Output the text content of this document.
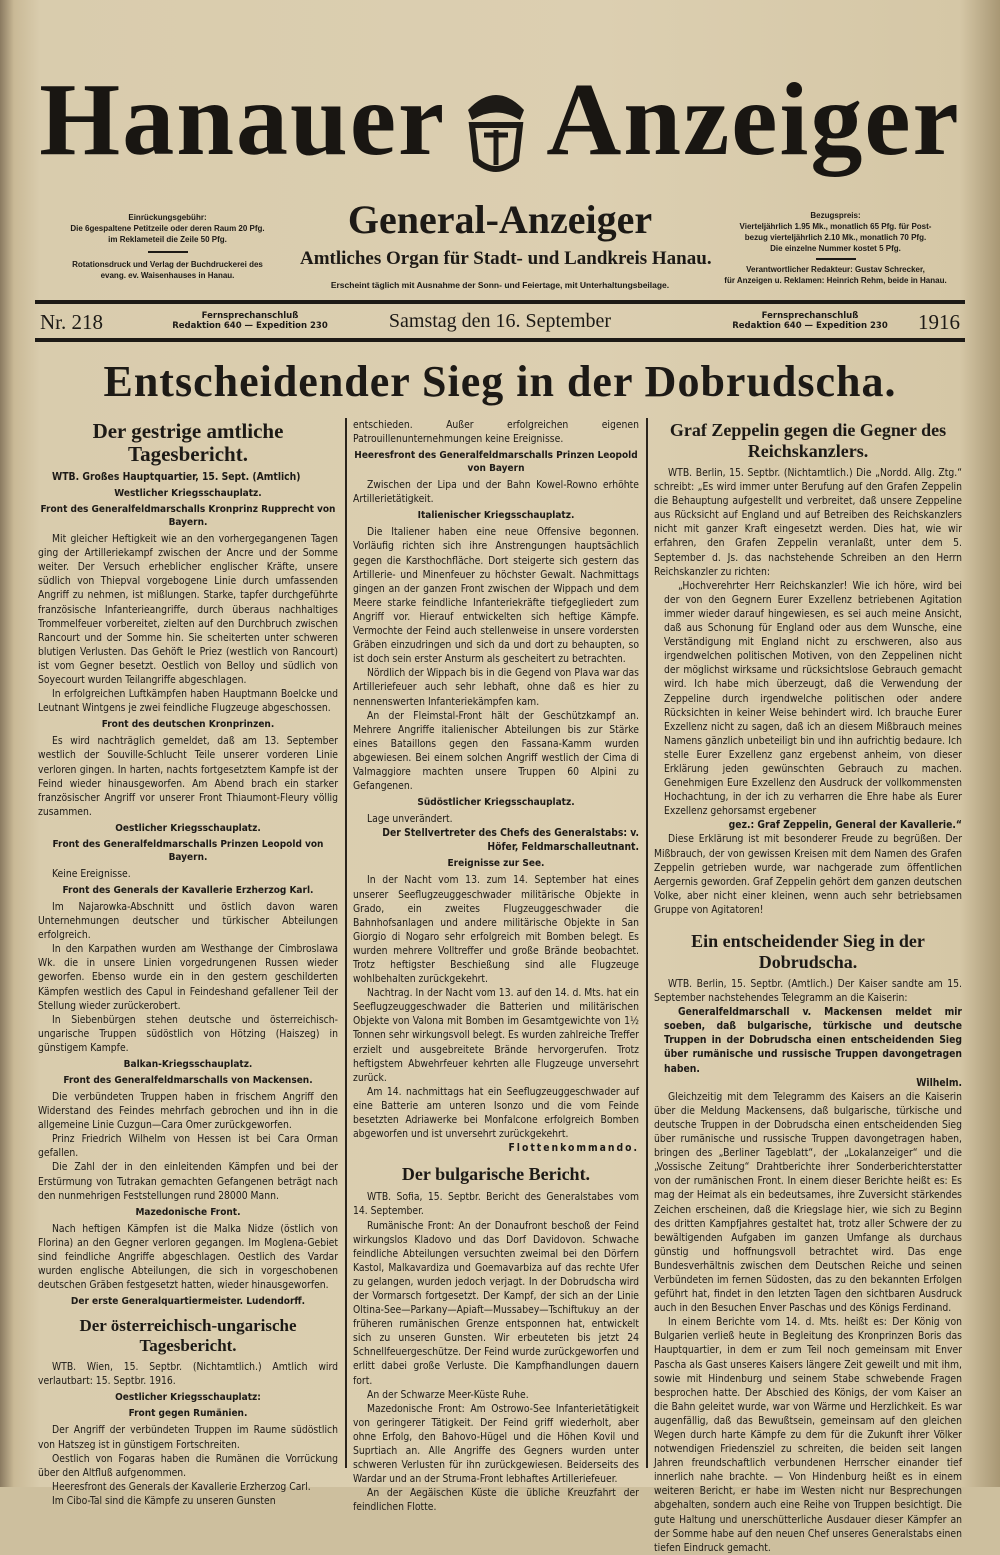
Hanauer Anzeiger
General-Anzeiger
Amtliches Organ für Stadt- und Landkreis Hanau.
Erscheint täglich mit Ausnahme der Sonn- und Feiertage, mit Unterhaltungsbeilage.
Einrückungsgebühr:
Die 6gespaltene Petitzeile oder deren Raum 20 Pfg.
im Reklameteil die Zeile 50 Pfg.
Rotationsdruck und Verlag der Buchdruckerei des
evang. ev. Waisenhauses in Hanau.
Bezugspreis:
Vierteljährlich 1.95 Mk., monatlich 65 Pfg. für Post-
bezug vierteljährlich 2.10 Mk., monatlich 70 Pfg.
Die einzelne Nummer kostet 5 Pfg.
Verantwortlicher Redakteur: Gustav Schrecker,
für Anzeigen u. Reklamen: Heinrich Rehm, beide in Hanau.
Nr. 218	Fernsprechanschluß
Redaktion 640 — Expedition 230	Samstag den 16. September	Fernsprechanschluß
Redaktion 640 — Expedition 230	1916
Entscheidender Sieg in der Dobrudscha.
Der gestrige amtliche Tagesbericht.

WTB. Großes Hauptquartier, 15. Sept. (Amtlich)

Westlicher Kriegsschauplatz.
Front des Generalfeldmarschalls Kronprinz Rupprecht von Bayern.

Mit gleicher Heftigkeit wie an den vorhergegangenen Tagen ging der Artilleriekampf zwischen der Ancre und der Somme weiter. Der Versuch erheblicher englischer Kräfte, unsere südlich von Thiepval vorgebogene Linie durch umfassenden Angriff zu nehmen, ist mißlungen. Starke, tapfer durchgeführte französische Infanterieangriffe, durch überaus nachhaltiges Trommelfeuer vorbereitet, zielten auf den Durchbruch zwischen Rancourt und der Somme hin. Sie scheiterten unter schweren blutigen Verlusten. Das Gehöft le Priez (westlich von Rancourt) ist vom Gegner besetzt. Oestlich von Belloy und südlich von Soyecourt wurden Teilangriffe abgeschlagen.

In erfolgreichen Luftkämpfen haben Hauptmann Boelcke und Leutnant Wintgens je zwei feindliche Flugzeuge abgeschossen.

Front des deutschen Kronprinzen.

Es wird nachträglich gemeldet, daß am 13. September westlich der Souville-Schlucht Teile unserer vorderen Linie verloren gingen. In harten, nachts fortgesetztem Kampfe ist der Feind wieder hinausgeworfen. Am Abend brach ein starker französischer Angriff vor unserer Front Thiaumont-Fleury völlig zusammen.

Oestlicher Kriegsschauplatz.
Front des Generalfeldmarschalls Prinzen Leopold von Bayern.

Keine Ereignisse.

Front des Generals der Kavallerie Erzherzog Karl.

Im Najarowka-Abschnitt und östlich davon waren Unternehmungen deutscher und türkischer Abteilungen erfolgreich.

In den Karpathen wurden am Westhange der Cimbroslawa Wk. die in unsere Linien vorgedrungenen Russen wieder geworfen. Ebenso wurde ein in den gestern geschilderten Kämpfen westlich des Capul in Feindeshand gefallener Teil der Stellung wieder zurückerobert.

In Siebenbürgen stehen deutsche und österreichisch-ungarische Truppen südöstlich von Hötzing (Haiszeg) in günstigem Kampfe.

Balkan-Kriegsschauplatz.
Front des Generalfeldmarschalls von Mackensen.

Die verbündeten Truppen haben in frischem Angriff den Widerstand des Feindes mehrfach gebrochen und ihn in die allgemeine Linie Cuzgun—Cara Omer zurückgeworfen.

Prinz Friedrich Wilhelm von Hessen ist bei Cara Orman gefallen.

Die Zahl der in den einleitenden Kämpfen und bei der Erstürmung von Tutrakan gemachten Gefangenen beträgt nach den nunmehrigen Feststellungen rund 28000 Mann.

Mazedonische Front.

Nach heftigen Kämpfen ist die Malka Nidze (östlich von Florina) an den Gegner verloren gegangen. Im Moglena-Gebiet sind feindliche Angriffe abgeschlagen. Oestlich des Vardar wurden englische Abteilungen, die sich in vorgeschobenen deutschen Gräben festgesetzt hatten, wieder hinausgeworfen.

Der erste Generalquartiermeister. Ludendorff.
Der österreichisch-ungarische Tagesbericht.

WTB. Wien, 15. Septbr. (Nichtamtlich.) Amtlich wird verlautbart: 15. Septbr. 1916.

Oestlicher Kriegsschauplatz:
Front gegen Rumänien.

Der Angriff der verbündeten Truppen im Raume südöstlich von Hatszeg ist in günstigem Fortschreiten.

Oestlich von Fogaras haben die Rumänen die Vorrückung über den Altfluß aufgenommen.

Heeresfront des Generals der Kavallerie Erzherzog Carl.

Im Cibo-Tal sind die Kämpfe zu unseren Gunsten

entschieden. Außer erfolgreichen eigenen Patrouillenunternehmungen keine Ereignisse.

Heeresfront des Generalfeldmarschalls Prinzen Leopold von Bayern

Zwischen der Lipa und der Bahn Kowel-Rowno erhöhte Artillerietätigkeit.

Italienischer Kriegsschauplatz.

Die Italiener haben eine neue Offensive begonnen. Vorläufig richten sich ihre Anstrengungen hauptsächlich gegen die Karsthochfläche. Dort steigerte sich gestern das Artillerie- und Minenfeuer zu höchster Gewalt. Nachmittags gingen an der ganzen Front zwischen der Wippach und dem Meere starke feindliche Infanteriekräfte tiefgegliedert zum Angriff vor. Hierauf entwickelten sich heftige Kämpfe. Vermochte der Feind auch stellenweise in unsere vordersten Gräben einzudringen und sich da und dort zu behaupten, so ist doch sein erster Ansturm als gescheitert zu betrachten.

Nördlich der Wippach bis in die Gegend von Plava war das Artilleriefeuer auch sehr lebhaft, ohne daß es hier zu nennenswerten Infanteriekämpfen kam.

An der Fleimstal-Front hält der Geschützkampf an. Mehrere Angriffe italienischer Abteilungen bis zur Stärke eines Bataillons gegen den Fassana-Kamm wurden abgewiesen. Bei einem solchen Angriff westlich der Cima di Valmaggiore machten unsere Truppen 60 Alpini zu Gefangenen.

Südöstlicher Kriegsschauplatz.

Lage unverändert.

Der Stellvertreter des Chefs des Generalstabs: v. Höfer, Feldmarschalleutnant.

Ereignisse zur See.

In der Nacht vom 13. zum 14. September hat eines unserer Seeflugzeuggeschwader militärische Objekte in Grado, ein zweites Flugzeuggeschwader die Bahnhofsanlagen und andere militärische Objekte in San Giorgio di Nogaro sehr erfolgreich mit Bomben belegt. Es wurden mehrere Volltreffer und große Brände beobachtet. Trotz heftigster Beschießung sind alle Flugzeuge wohlbehalten zurückgekehrt.

Nachtrag. In der Nacht vom 13. auf den 14. d. Mts. hat ein Seeflugzeuggeschwader die Batterien und militärischen Objekte von Valona mit Bomben im Gesamtgewichte von 1½ Tonnen sehr wirkungsvoll belegt. Es wurden zahlreiche Treffer erzielt und ausgebreitete Brände hervorgerufen. Trotz heftigstem Abwehrfeuer kehrten alle Flugzeuge unversehrt zurück.

Am 14. nachmittags hat ein Seeflugzeuggeschwader auf eine Batterie am unteren Isonzo und die vom Feinde besetzten Adriawerke bei Monfalcone erfolgreich Bomben abgeworfen und ist unversehrt zurückgekehrt.

Flottenkommando.

Der bulgarische Bericht.

WTB. Sofia, 15. Septbr. Bericht des Generalstabes vom 14. September.

Rumänische Front: An der Donaufront beschoß der Feind wirkungslos Kladovo und das Dorf Davidovon. Schwache feindliche Abteilungen versuchten zweimal bei den Dörfern Kastol, Malkavardiza und Goemavarbiza auf das rechte Ufer zu gelangen, wurden jedoch verjagt. In der Dobrudscha wird der Vormarsch fortgesetzt. Der Kampf, der sich an der Linie Oltina-See—Parkany—Apiaft—Mussabey—Tschiftukuy an der früheren rumänischen Grenze entsponnen hat, entwickelt sich zu unseren Gunsten. Wir erbeuteten bis jetzt 24 Schnellfeuergeschütze. Der Feind wurde zurückgeworfen und erlitt dabei große Verluste. Die Kampfhandlungen dauern fort.

An der Schwarze Meer-Küste Ruhe.

Mazedonische Front: Am Ostrowo-See Infanterietätigkeit von geringerer Tätigkeit. Der Feind griff wiederholt, aber ohne Erfolg, den Bahovo-Hügel und die Höhen Kovil und Suprtiach an. Alle Angriffe des Gegners wurden unter schweren Verlusten für ihn zurückgewiesen. Beiderseits des Wardar und an der Struma-Front lebhaftes Artilleriefeuer.

An der Aegäischen Küste die übliche Kreuzfahrt der feindlichen Flotte.

Graf Zeppelin gegen die Gegner des Reichskanzlers.

WTB. Berlin, 15. Septbr. (Nichtamtlich.) Die „Nordd. Allg. Ztg.“ schreibt: „Es wird immer unter Berufung auf den Grafen Zeppelin die Behauptung aufgestellt und verbreitet, daß unsere Zeppeline aus Rücksicht auf England und auf Betreiben des Reichskanzlers nicht mit ganzer Kraft eingesetzt werden. Dies hat, wie wir erfahren, den Grafen Zeppelin veranlaßt, unter dem 5. September d. Js. das nachstehende Schreiben an den Herrn Reichskanzler zu richten:

„Hochverehrter Herr Reichskanzler! Wie ich höre, wird bei der von den Gegnern Eurer Exzellenz betriebenen Agitation immer wieder darauf hingewiesen, es sei auch meine Ansicht, daß aus Schonung für England oder aus dem Wunsche, eine Verständigung mit England nicht zu erschweren, also aus irgendwelchen politischen Motiven, von den Zeppelinen nicht der möglichst wirksame und rücksichtslose Gebrauch gemacht wird. Ich habe mich überzeugt, daß die Verwendung der Zeppeline durch irgendwelche politischen oder andere Rücksichten in keiner Weise behindert wird. Ich brauche Eurer Exzellenz nicht zu sagen, daß ich an diesem Mißbrauch meines Namens gänzlich unbeteiligt bin und ihn aufrichtig bedaure. Ich stelle Eurer Exzellenz ganz ergebenst anheim, von dieser Erklärung jeden gewünschten Gebrauch zu machen. Genehmigen Eure Exzellenz den Ausdruck der vollkommensten Hochachtung, in der ich zu verharren die Ehre habe als Eurer Exzellenz gehorsamst ergebener

gez.: Graf Zeppelin, General der Kavallerie.“

Diese Erklärung ist mit besonderer Freude zu begrüßen. Der Mißbrauch, der von gewissen Kreisen mit dem Namen des Grafen Zeppelin getrieben wurde, war nachgerade zum öffentlichen Aergernis geworden. Graf Zeppelin gehört dem ganzen deutschen Volke, aber nicht einer kleinen, wenn auch sehr betriebsamen Gruppe von Agitatoren!

Ein entscheidender Sieg in der Dobrudscha.

WTB. Berlin, 15. Septbr. (Amtlich.) Der Kaiser sandte am 15. September nachstehendes Telegramm an die Kaiserin:

Generalfeldmarschall v. Mackensen meldet mir soeben, daß bulgarische, türkische und deutsche Truppen in der Dobrudscha einen entscheidenden Sieg über rumänische und russische Truppen davongetragen haben.

Wilhelm.

Gleichzeitig mit dem Telegramm des Kaisers an die Kaiserin über die Meldung Mackensens, daß bulgarische, türkische und deutsche Truppen in der Dobrudscha einen entscheidenden Sieg über rumänische und russische Truppen davongetragen haben, bringen des „Berliner Tageblatt“, der „Lokalanzeiger“ und die „Vossische Zeitung“ Drahtberichte ihrer Sonderberichterstatter von der rumänischen Front. In einem dieser Berichte heißt es: Es mag der Heimat als ein bedeutsames, ihre Zuversicht stärkendes Zeichen erscheinen, daß die Kriegslage hier, wie sich zu Beginn des dritten Kampfjahres gestaltet hat, trotz aller Schwere der zu bewältigenden Aufgaben im ganzen Umfange als durchaus günstig und hoffnungsvoll betrachtet wird. Das enge Bundesverhältnis zwischen dem Deutschen Reiche und seinen Verbündeten im fernen Südosten, das zu den bekannten Erfolgen geführt hat, findet in den letzten Tagen den sichtbaren Ausdruck auch in den Besuchen Enver Paschas und des Königs Ferdinand.

In einem Berichte vom 14. d. Mts. heißt es: Der König von Bulgarien verließ heute in Begleitung des Kronprinzen Boris das Hauptquartier, in dem er zum Teil noch gemeinsam mit Enver Pascha als Gast unseres Kaisers längere Zeit geweilt und mit ihm, sowie mit Hindenburg und seinem Stabe schwebende Fragen besprochen hatte. Der Abschied des Königs, der vom Kaiser an die Bahn geleitet wurde, war von Wärme und Herzlichkeit. Es war augenfällig, daß das Bewußtsein, gemeinsam auf den gleichen Wegen durch harte Kämpfe zu dem für die Zukunft ihrer Völker notwendigen Friedensziel zu schreiten, die beiden seit langen Jahren freundschaftlich verbundenen Herrscher einander tief innerlich nahe brachte. — Von Hindenburg heißt es in einem weiteren Bericht, er habe im Westen nicht nur Besprechungen abgehalten, sondern auch eine Reihe von Truppen besichtigt. Die gute Haltung und unerschütterliche Ausdauer dieser Kämpfer an der Somme habe auf den neuen Chef unseres Generalstabs einen tiefen Eindruck gemacht.
